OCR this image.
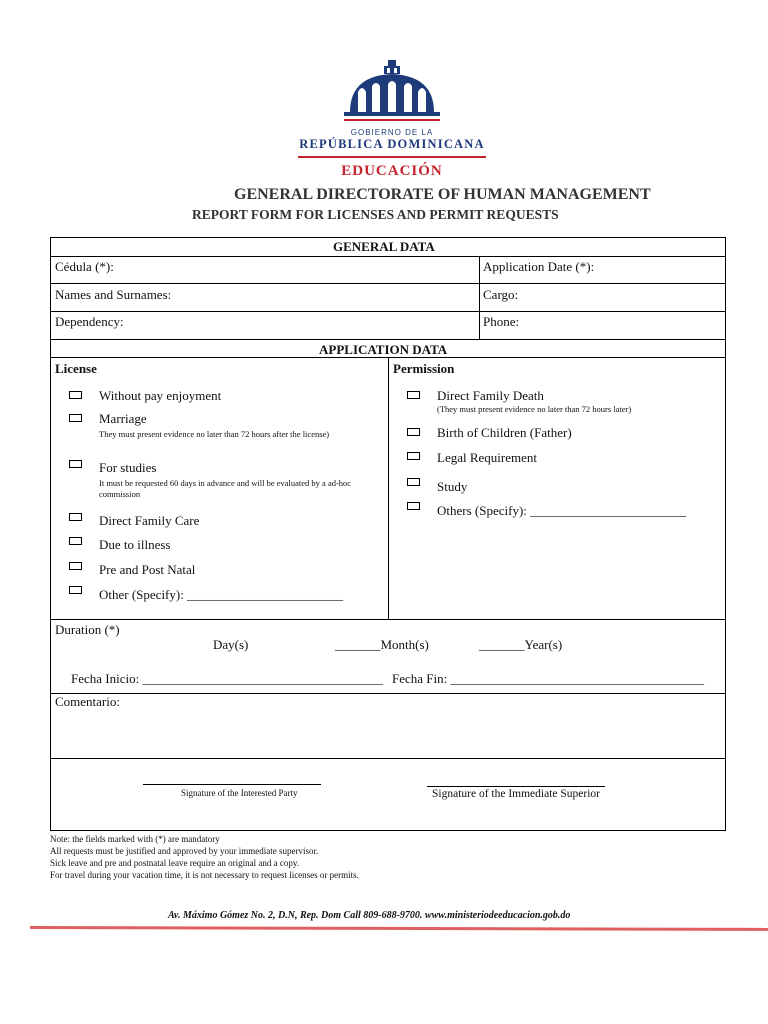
GOBIERNO DE LA
REPÚBLICA DOMINICANA
EDUCACIÓN
GENERAL DIRECTORATE OF HUMAN MANAGEMENT
REPORT FORM FOR LICENSES AND PERMIT REQUESTS
GENERAL DATA
Cédula (*):	Application Date (*):
Names and Surnames:	Cargo:
Dependency:	Phone:
APPLICATION DATA
License	Permission
Without pay enjoyment
Marriage
They must present evidence no later than 72 hours after the license)
For studies
It must be requested 60 days in advance and will be evaluated by a ad-hoc commission
Direct Family Care
Due to illness
Pre and Post Natal
Other (Specify): ________________________
Direct Family Death
(They must present evidence no later than 72 hours later)
Birth of Children (Father)
Legal Requirement
Study
Others (Specify): ________________________
Duration (*)
Day(s)	_______Month(s)	_______Year(s)
Fecha Inicio: _____________________________________ Fecha Fin: _______________________________________
Comentario:
Signature of the Interested Party	Signature of the Immediate Superior
Note: the fields marked with (*) are mandatory
All requests must be justified and approved by your immediate supervisor.
Sick leave and pre and postnatal leave require an original and a copy.
For travel during your vacation time, it is not necessary to request licenses or permits.
Av. Máximo Gómez No. 2, D.N, Rep. Dom Call 809-688-9700. www.ministeriodeeducacion.gob.do
